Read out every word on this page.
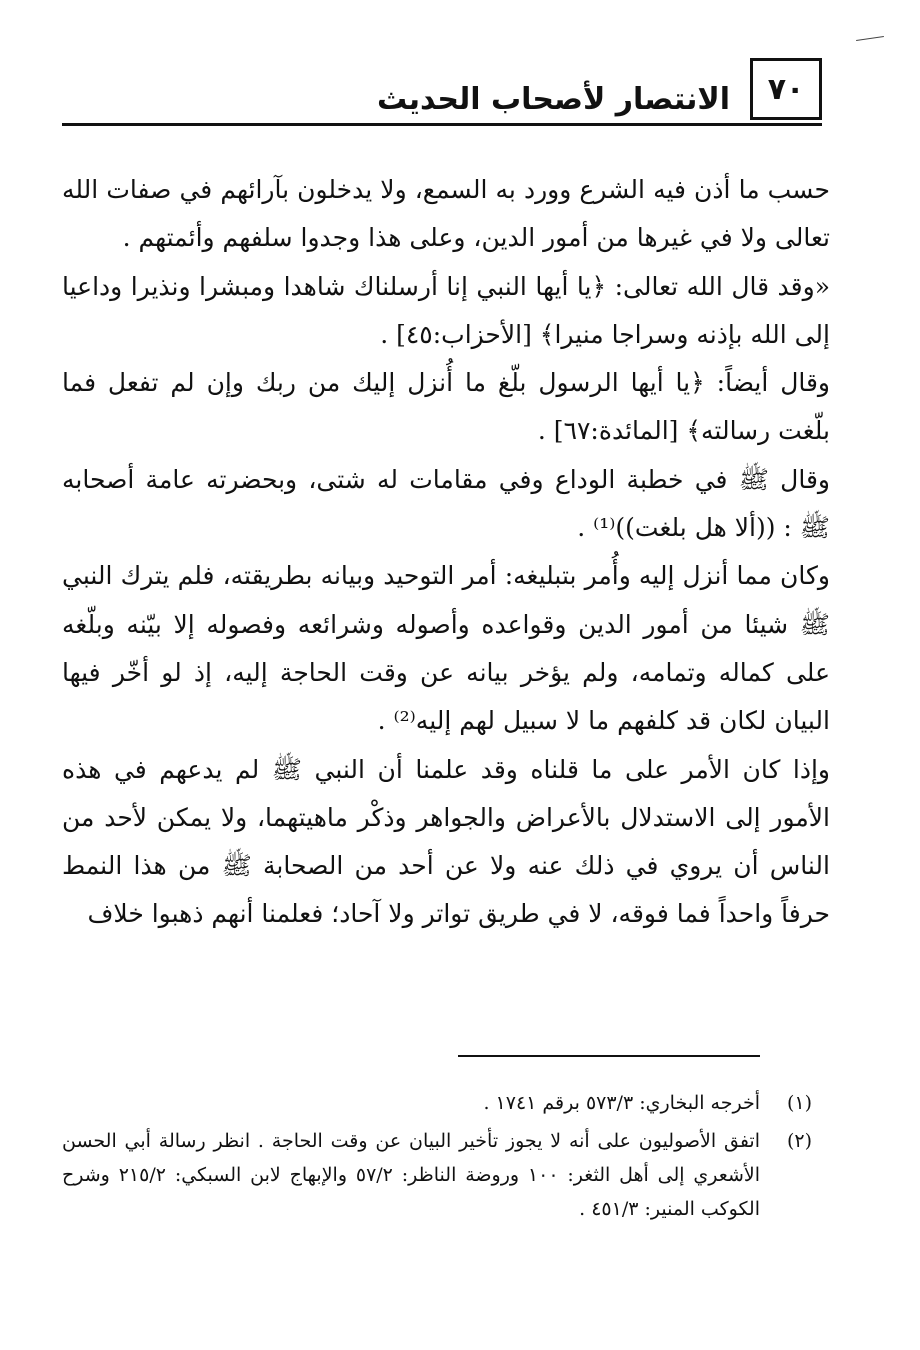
٧٠
الانتصار لأصحاب الحديث

حسب ما أذن فيه الشرع وورد به السمع، ولا يدخلون بآرائهم في صفات الله تعالى ولا في غيرها من أمور الدين، وعلى هذا وجدوا سلفهم وأئمتهم .

«وقد قال الله تعالى: ﴿يا أيها النبي إنا أرسلناك شاهدا ومبشرا ونذيرا وداعيا إلى الله بإذنه وسراجا منيرا﴾ [الأحزاب:٤٥] .

وقال أيضاً: ﴿يا أيها الرسول بلّغ ما أُنزل إليك من ربك وإن لم تفعل فما بلّغت رسالته﴾ [المائدة:٦٧] .

وقال ﷺ في خطبة الوداع وفي مقامات له شتى، وبحضرته عامة أصحابه ﷺ : ((ألا هل بلغت))⁽¹⁾ .

وكان مما أنزل إليه وأُمر بتبليغه: أمر التوحيد وبيانه بطريقته، فلم يترك النبي ﷺ شيئا من أمور الدين وقواعده وأصوله وشرائعه وفصوله إلا بيّنه وبلّغه على كماله وتمامه، ولم يؤخر بيانه عن وقت الحاجة إليه، إذ لو أخّر فيها البيان لكان قد كلفهم ما لا سبيل لهم إليه⁽²⁾ .

وإذا كان الأمر على ما قلناه وقد علمنا أن النبي ﷺ لم يدعهم في هذه الأمور إلى الاستدلال بالأعراض والجواهر وذكْر ماهيتهما، ولا يمكن لأحد من الناس أن يروي في ذلك عنه ولا عن أحد من الصحابة ﷺ من هذا النمط حرفاً واحداً فما فوقه، لا في طريق تواتر ولا آحاد؛ فعلمنا أنهم ذهبوا خلاف

(١)
أخرجه البخاري: ٥٧٣/٣ برقم ١٧٤١ .
(٢)
اتفق الأصوليون على أنه لا يجوز تأخير البيان عن وقت الحاجة . انظر رسالة أبي الحسن الأشعري إلى أهل الثغر: ١٠٠ وروضة الناظر: ٥٧/٢ والإبهاج لابن السبكي: ٢١٥/٢ وشرح الكوكب المنير: ٤٥١/٣ .
